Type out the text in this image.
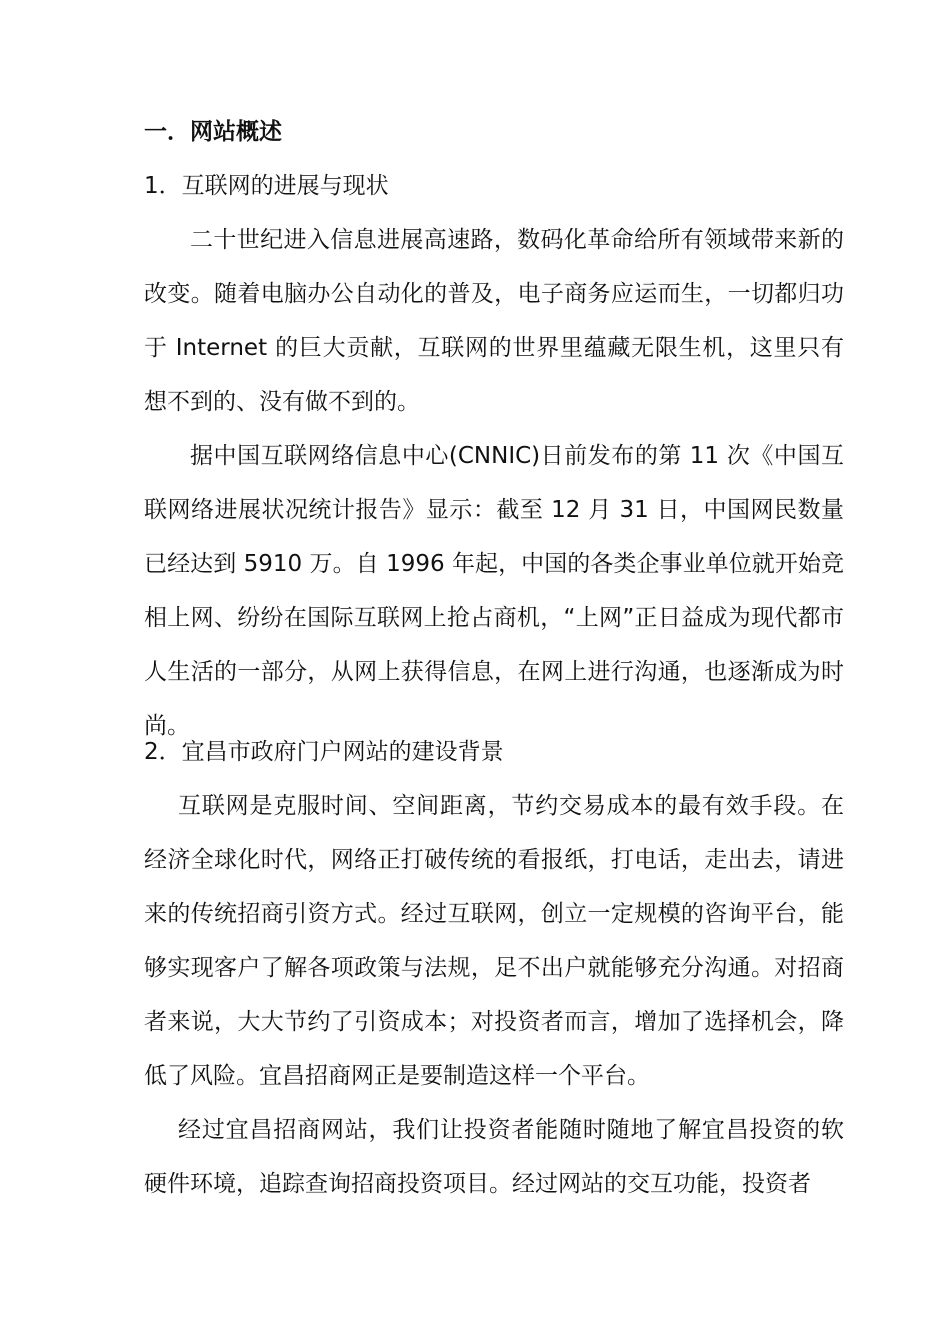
一．网站概述
1．互联网的进展与现状

二十世纪进入信息进展高速路，数码化革命给所有领域带来新的改变。随着电脑办公自动化的普及，电子商务应运而生，一切都归功于 Internet 的巨大贡献，互联网的世界里蕴藏无限生机，这里只有想不到的、没有做不到的。

据中国互联网络信息中心(CNNIC)日前发布的第 11 次《中国互联网络进展状况统计报告》显示：截至 12 月 31 日，中国网民数量已经达到 5910 万。自 1996 年起，中国的各类企事业单位就开始竞相上网、纷纷在国际互联网上抢占商机，“上网”正日益成为现代都市人生活的一部分，从网上获得信息，在网上进行沟通，也逐渐成为时尚。

2．宜昌市政府门户网站的建设背景

互联网是克服时间、空间距离，节约交易成本的最有效手段。在经济全球化时代，网络正打破传统的看报纸，打电话，走出去，请进来的传统招商引资方式。经过互联网，创立一定规模的咨询平台，能够实现客户了解各项政策与法规，足不出户就能够充分沟通。对招商者来说，大大节约了引资成本；对投资者而言，增加了选择机会，降低了风险。宜昌招商网正是要制造这样一个平台。

经过宜昌招商网站，我们让投资者能随时随地了解宜昌投资的软硬件环境，追踪查询招商投资项目。经过网站的交互功能，投资者
